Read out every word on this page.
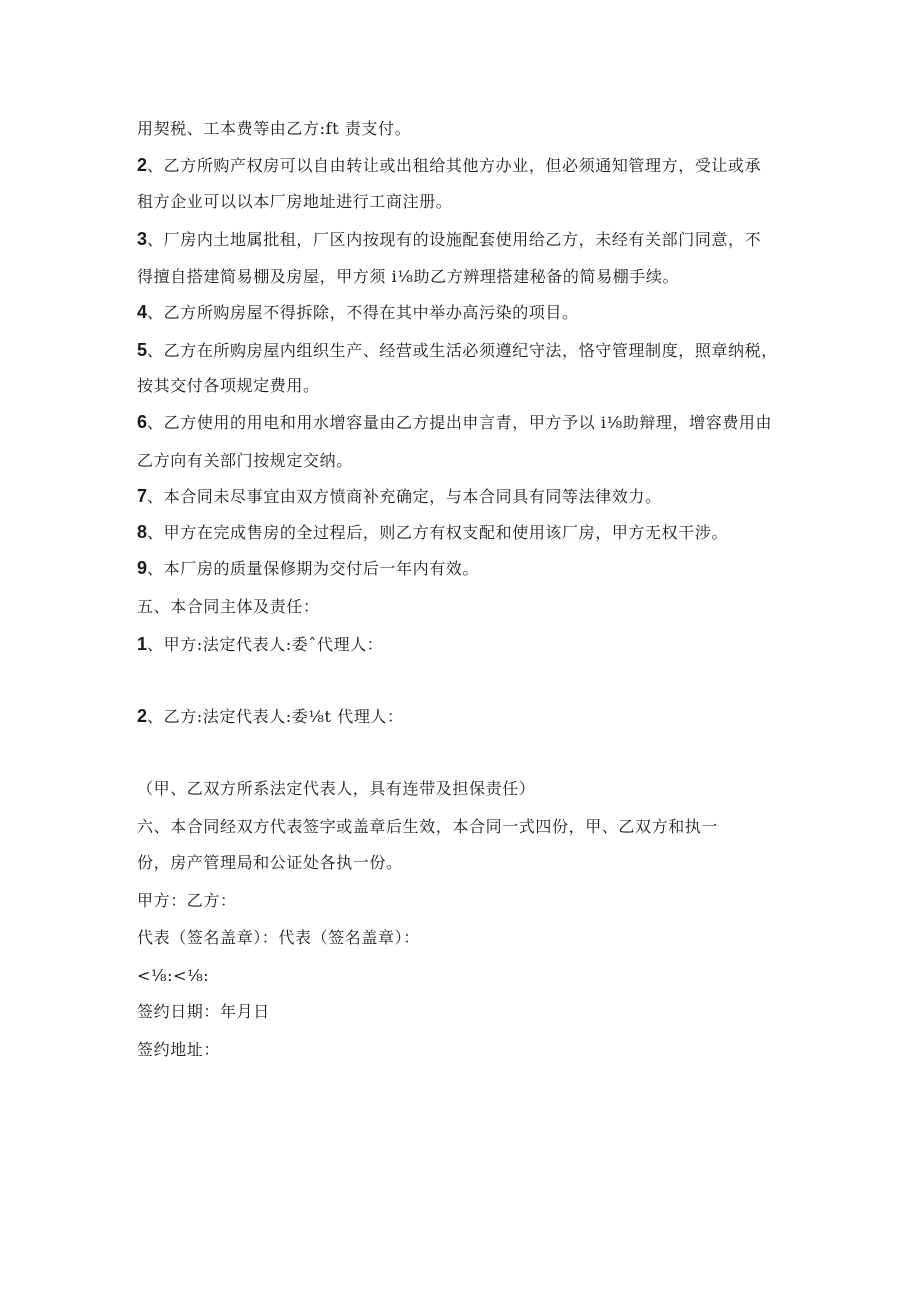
用契税、工本费等由乙方:ft 责支付。
2、乙方所购产权房可以自由转让或出租给其他方办业，但必须通知管理方，受让或承
租方企业可以以本厂房地址进行工商注册。
3、厂房内土地属批租，厂区内按现有的设施配套使用给乙方，未经有关部门同意，不
得擅自搭建简易棚及房屋，甲方须 i⅛助乙方辨理搭建秘备的简易棚手续。
4、乙方所购房屋不得拆除，不得在其中举办高污染的项目。
5、乙方在所购房屋内组织生产、经营或生活必须遵纪守法，恪守管理制度，照章纳税，
按其交付各项规定费用。
6、乙方使用的用电和用水增容量由乙方提出申言青，甲方予以 i⅛助辩理，增容费用由
乙方向有关部门按规定交纳。
7、本合同未尽事宜由双方愤商补充确定，与本合同具有同等法律效力。
8、甲方在完成售房的全过程后，则乙方有权支配和使用该厂房，甲方无权干涉。
9、本厂房的质量保修期为交付后一年内有效。
五、本合同主体及责任：
1、甲方:法定代表人:委ˆ代理人：
2、乙方:法定代表人:委⅛t 代理人：
（甲、乙双方所系法定代表人，具有连带及担保责任）
六、本合同经双方代表签字或盖章后生效，本合同一式四份，甲、乙双方和执一
份，房产管理局和公证处各执一份。
甲方：乙方：
代表（签名盖章）：代表（签名盖章）：
<⅛:<⅛:
签约日期：年月日
签约地址：
